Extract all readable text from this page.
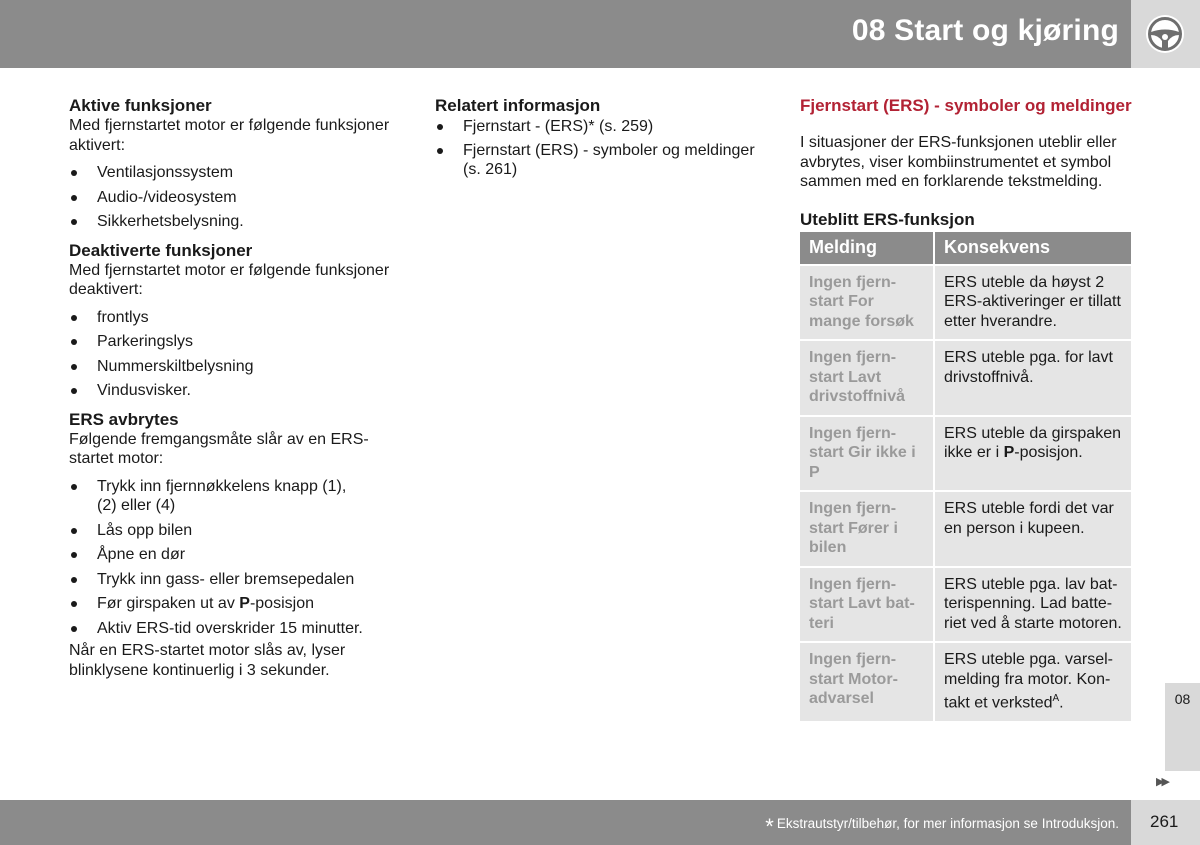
08 Start og kjøring
Aktive funksjoner

Med fjernstartet motor er følgende funksjoner aktivert:

Ventilasjonssystem
Audio-/videosystem
Sikkerhetsbelysning.
Deaktiverte funksjoner

Med fjernstartet motor er følgende funksjoner deaktivert:

frontlys
Parkeringslys
Nummerskiltbelysning
Vindusvisker.
ERS avbrytes

Følgende fremgangsmåte slår av en ERS-startet motor:

Trykk inn fjernnøkkelens knapp (1), (2) eller (4)
Lås opp bilen
Åpne en dør
Trykk inn gass- eller bremsepedalen
Før girspaken ut av P-posisjon
Aktiv ERS-tid overskrider 15 minutter.

Når en ERS-startet motor slås av, lyser blinklysene kontinuerlig i 3 sekunder.

Relatert informasjon
Fjernstart - (ERS)* (s. 259)
Fjernstart (ERS) - symboler og meldinger (s. 261)
Fjernstart (ERS) - symboler og meldinger

I situasjoner der ERS-funksjonen uteblir eller avbrytes, viser kombiinstrumentet et symbol sammen med en forklarende tekstmelding.

Uteblitt ERS-funksjon
Melding	Konsekvens
Ingen fjernstart For mange forsøk	ERS uteble da høyst 2 ERS-aktiveringer er tillatt etter hverandre.
Ingen fjernstart Lavt drivstoffnivå	ERS uteble pga. for lavt drivstoffnivå.
Ingen fjernstart Gir ikke i P	ERS uteble da girspaken ikke er i P-posisjon.
Ingen fjernstart Fører i bilen	ERS uteble fordi det var en person i kupeen.
Ingen fjernstart Lavt batteri	ERS uteble pga. lav batterispenning. Lad batteriet ved å starte motoren.
Ingen fjernstart Motoradvarsel	ERS uteble pga. varselmelding fra motor. Kontakt et verksted$^A$.	08
▶▶
* Ekstrautstyr/tilbehør, for mer informasjon se Introduksjon. 261
